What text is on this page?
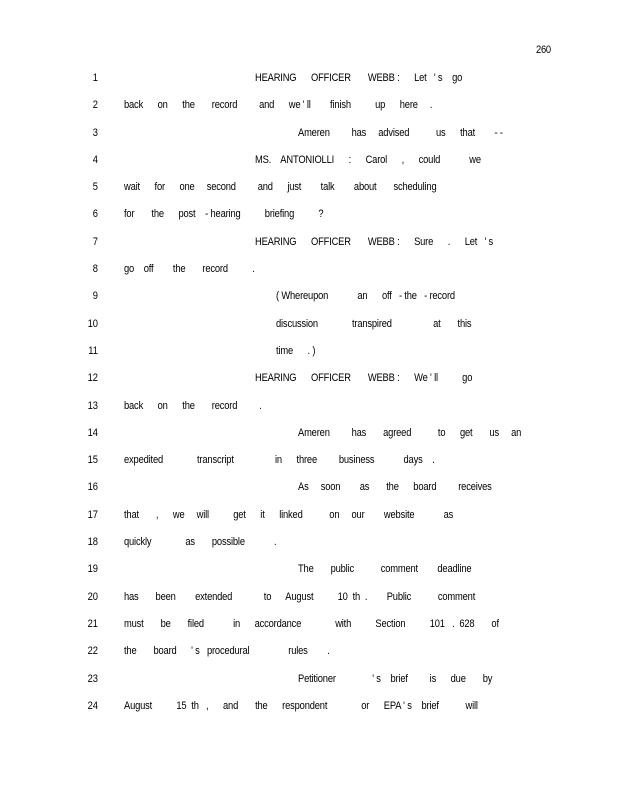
260
1	HEARING      OFFICER       WEBB :      Let   ' s    go
2 back      on      the       record         and      we ' ll        finish          up      here     .
3	Ameren         has     advised           us      that        - -
4	MS.    ANTONIOLLI      :      Carol      ,      could            we
5 wait      for      one     second         and      just        talk        about       scheduling
6 for       the      post    - hearing          briefing          ?
7	HEARING      OFFICER       WEBB :      Sure      .      Let   ' s
8 go    off        the       record          .
9	( Whereupon            an      off   - the   - record
10	discussion              transpired                 at       this
11	time      . )
12	HEARING      OFFICER       WEBB :      We ' ll          go
13 back      on      the       record         .
14	Ameren         has       agreed           to      get       us     an
15 expedited              transcript                 in      three         business            days    .
16	As     soon        as       the      board         receives
17 that       ,      we     will          get      it      linked           on     our        website            as
18 quickly              as       possible            .
19	The       public           comment        deadline
20 has       been        extended             to      August          10  th  .        Public           comment
21 must       be       filed            in      accordance              with          Section          101   .  628       of
22 the       board      ' s   procedural                rules        .
23	Petitioner               ' s    brief         is      due       by
24 August          15  th   ,      and       the      respondent              or      EPA ' s    brief           will
